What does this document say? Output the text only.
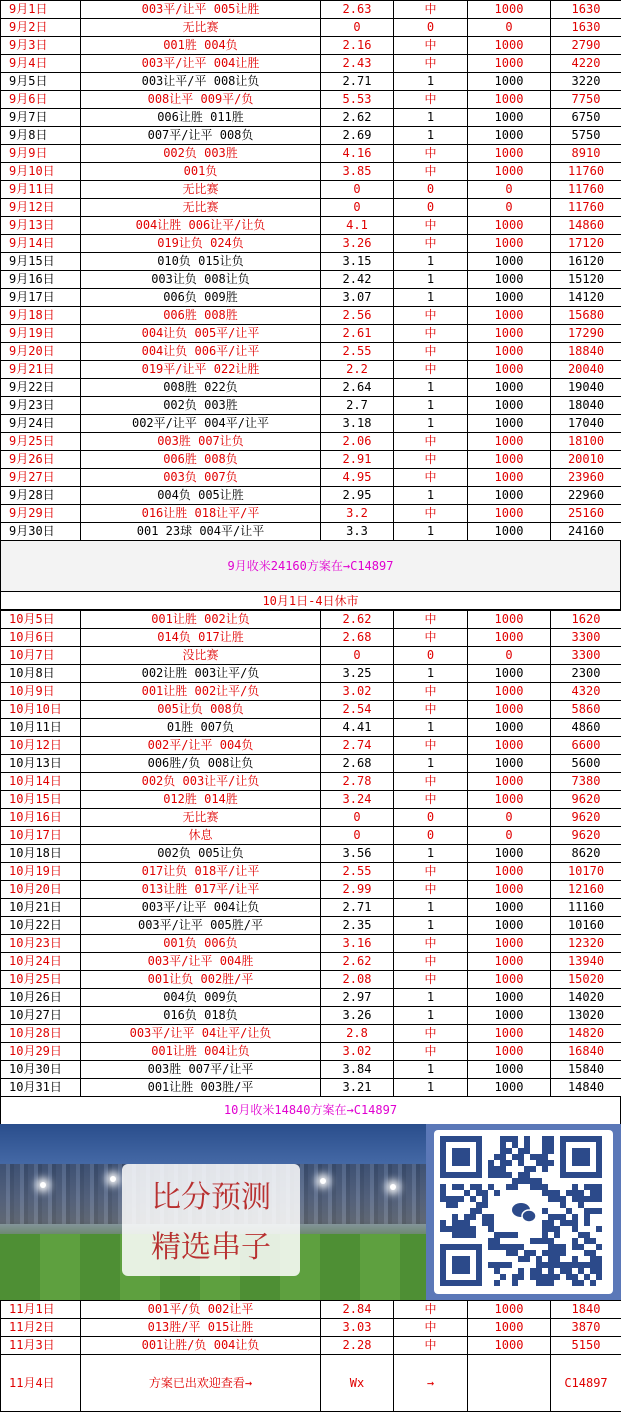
9月1日	003平/让平 005让胜	2.63	中	1000	1630
9月2日	无比赛	0	0	0	1630
9月3日	001胜 004负	2.16	中	1000	2790
9月4日	003平/让平 004让胜	2.43	中	1000	4220
9月5日	003让平/平 008让负	2.71	1	1000	3220
9月6日	008让平 009平/负	5.53	中	1000	7750
9月7日	006让胜 011胜	2.62	1	1000	6750
9月8日	007平/让平 008负	2.69	1	1000	5750
9月9日	002负 003胜	4.16	中	1000	8910
9月10日	001负	3.85	中	1000	11760
9月11日	无比赛	0	0	0	11760
9月12日	无比赛	0	0	0	11760
9月13日	004让胜 006让平/让负	4.1	中	1000	14860
9月14日	019让负 024负	3.26	中	1000	17120
9月15日	010负 015让负	3.15	1	1000	16120
9月16日	003让负 008让负	2.42	1	1000	15120
9月17日	006负 009胜	3.07	1	1000	14120
9月18日	006胜 008胜	2.56	中	1000	15680
9月19日	004让负 005平/让平	2.61	中	1000	17290
9月20日	004让负 006平/让平	2.55	中	1000	18840
9月21日	019平/让平 022让胜	2.2	中	1000	20040
9月22日	008胜 022负	2.64	1	1000	19040
9月23日	002负 003胜	2.7	1	1000	18040
9月24日	002平/让平 004平/让平	3.18	1	1000	17040
9月25日	003胜 007让负	2.06	中	1000	18100
9月26日	006胜 008负	2.91	中	1000	20010
9月27日	003负 007负	4.95	中	1000	23960
9月28日	004负 005让胜	2.95	1	1000	22960
9月29日	016让胜 018让平/平	3.2	中	1000	25160
9月30日	001 23球 004平/让平	3.3	1	1000	24160
9月收米24160方案在→C14897
10月1日-4日休市
10月5日	001让胜 002让负	2.62	中	1000	1620
10月6日	014负 017让胜	2.68	中	1000	3300
10月7日	没比赛	0	0	0	3300
10月8日	002让胜 003让平/负	3.25	1	1000	2300
10月9日	001让胜 002让平/负	3.02	中	1000	4320
10月10日	005让负 008负	2.54	中	1000	5860
10月11日	01胜 007负	4.41	1	1000	4860
10月12日	002平/让平 004负	2.74	中	1000	6600
10月13日	006胜/负 008让负	2.68	1	1000	5600
10月14日	002负 003让平/让负	2.78	中	1000	7380
10月15日	012胜 014胜	3.24	中	1000	9620
10月16日	无比赛	0	0	0	9620
10月17日	休息	0	0	0	9620
10月18日	002负 005让负	3.56	1	1000	8620
10月19日	017让负 018平/让平	2.55	中	1000	10170
10月20日	013让胜 017平/让平	2.99	中	1000	12160
10月21日	003平/让平 004让负	2.71	1	1000	11160
10月22日	003平/让平 005胜/平	2.35	1	1000	10160
10月23日	001负 006负	3.16	中	1000	12320
10月24日	003平/让平 004胜	2.62	中	1000	13940
10月25日	001让负 002胜/平	2.08	中	1000	15020
10月26日	004负 009负	2.97	1	1000	14020
10月27日	016负 018负	3.26	1	1000	13020
10月28日	003平/让平 04让平/让负	2.8	中	1000	14820
10月29日	001让胜 004让负	3.02	中	1000	16840
10月30日	003胜 007平/让平	3.84	1	1000	15840
10月31日	001让胜 003胜/平	3.21	1	1000	14840
10月收米14840方案在→C14897
比分预测
精选串子
11月1日	001平/负 002让平	2.84	中	1000	1840
11月2日	013胜/平 015让胜	3.03	中	1000	3870
11月3日	001让胜/负 004让负	2.28	中	1000	5150
11月4日	方案已出欢迎查看→	Wx	→		C14897
